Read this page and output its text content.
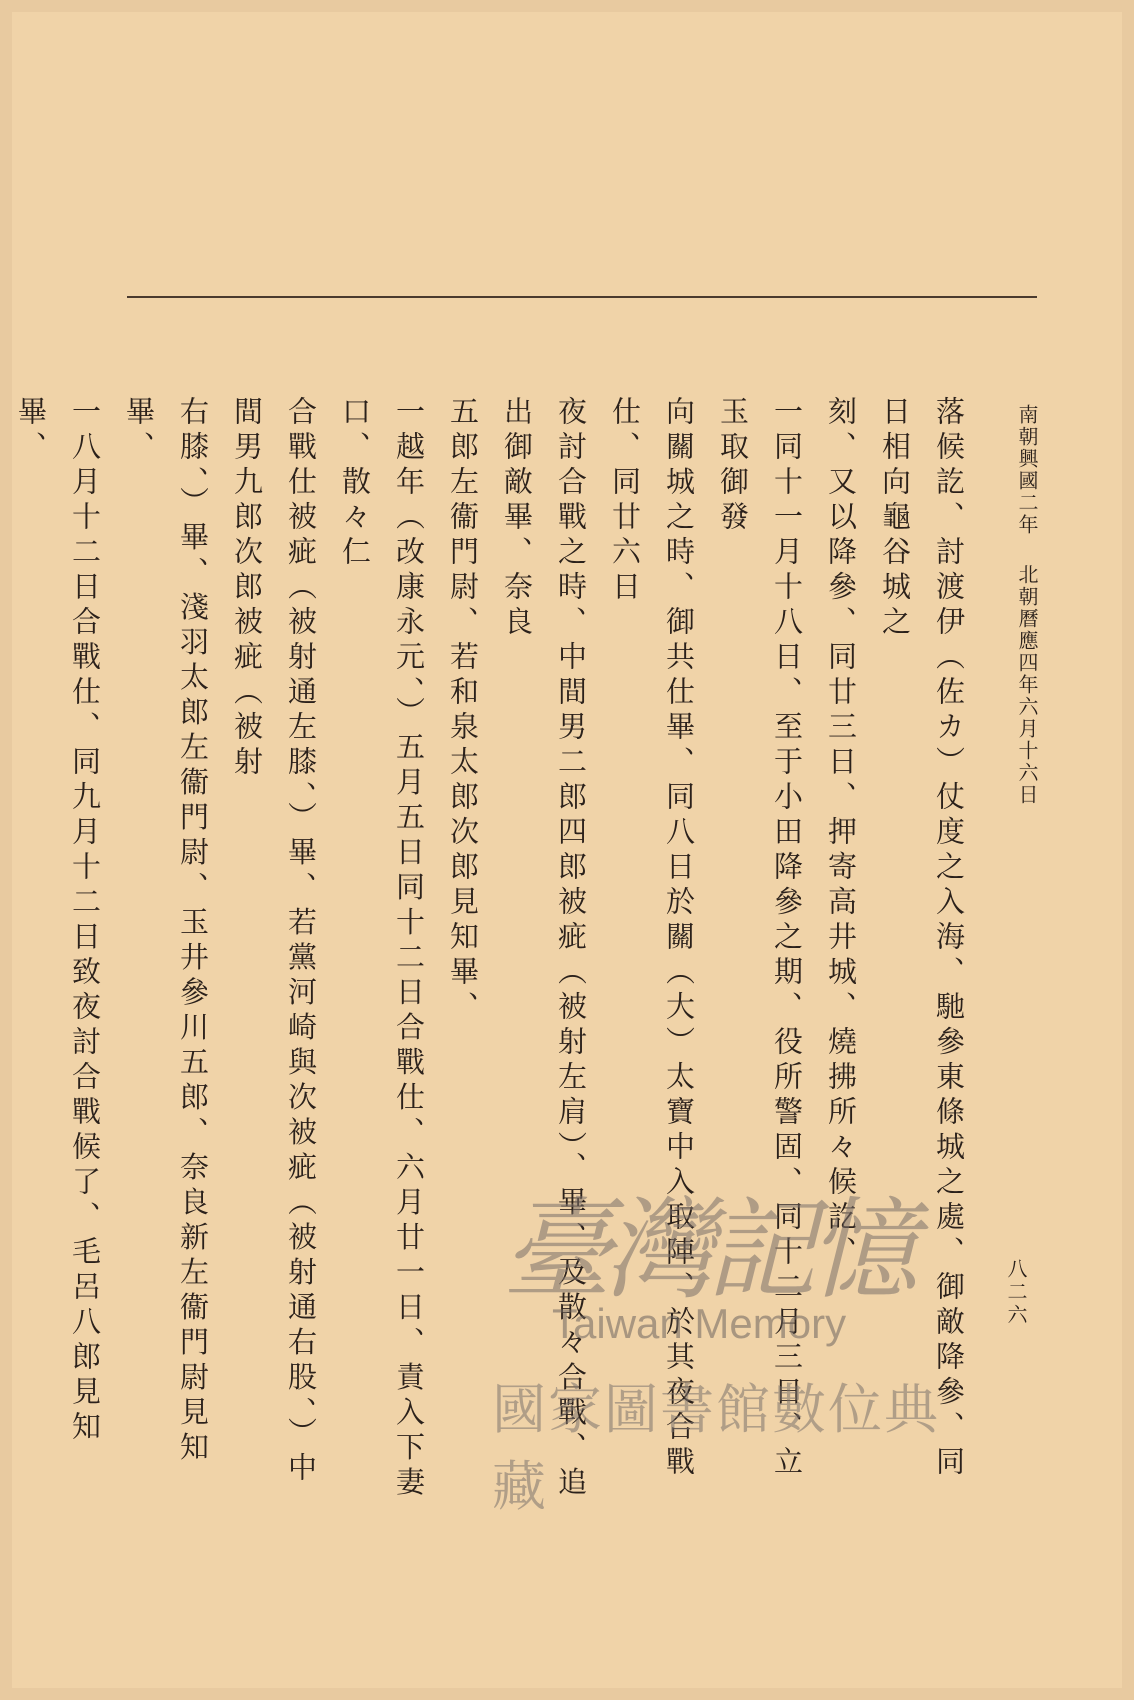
南朝興國二年北朝曆應四年六月十六日
八二六
落候訖、討渡伊（佐カ）仗度之入海、馳參東條城之處、御敵降參、同日相向龜谷城之
刻、又以降參、同廿三日、押寄高井城、燒拂所々候訖、
一同十一月十八日、至于小田降參之期、役所警固、同十二月三日、立玉取御發
向關城之時、御共仕畢、同八日於關（大）太寶中入取陣、於其夜合戰仕、同廿六日
夜討合戰之時、中間男二郎四郎被疵（被射左肩）、畢、及散々合戰、追出御敵畢、奈良
五郎左衞門尉、若和泉太郎次郎見知畢、
一越年（改康永元、）五月五日同十二日合戰仕、六月廿一日、責入下妻口、散々仁
合戰仕被疵（被射通左膝、）畢、若黨河崎與次被疵（被射通右股、）中間男九郎次郎被疵（被射
右膝、）畢、淺羽太郎左衞門尉、玉井參川五郎、奈良新左衞門尉見知畢、
一八月十二日合戰仕、同九月十二日致夜討合戰候了、毛呂八郎見知畢、
臺灣記憶
Taiwan Memory
國家圖書館數位典藏
